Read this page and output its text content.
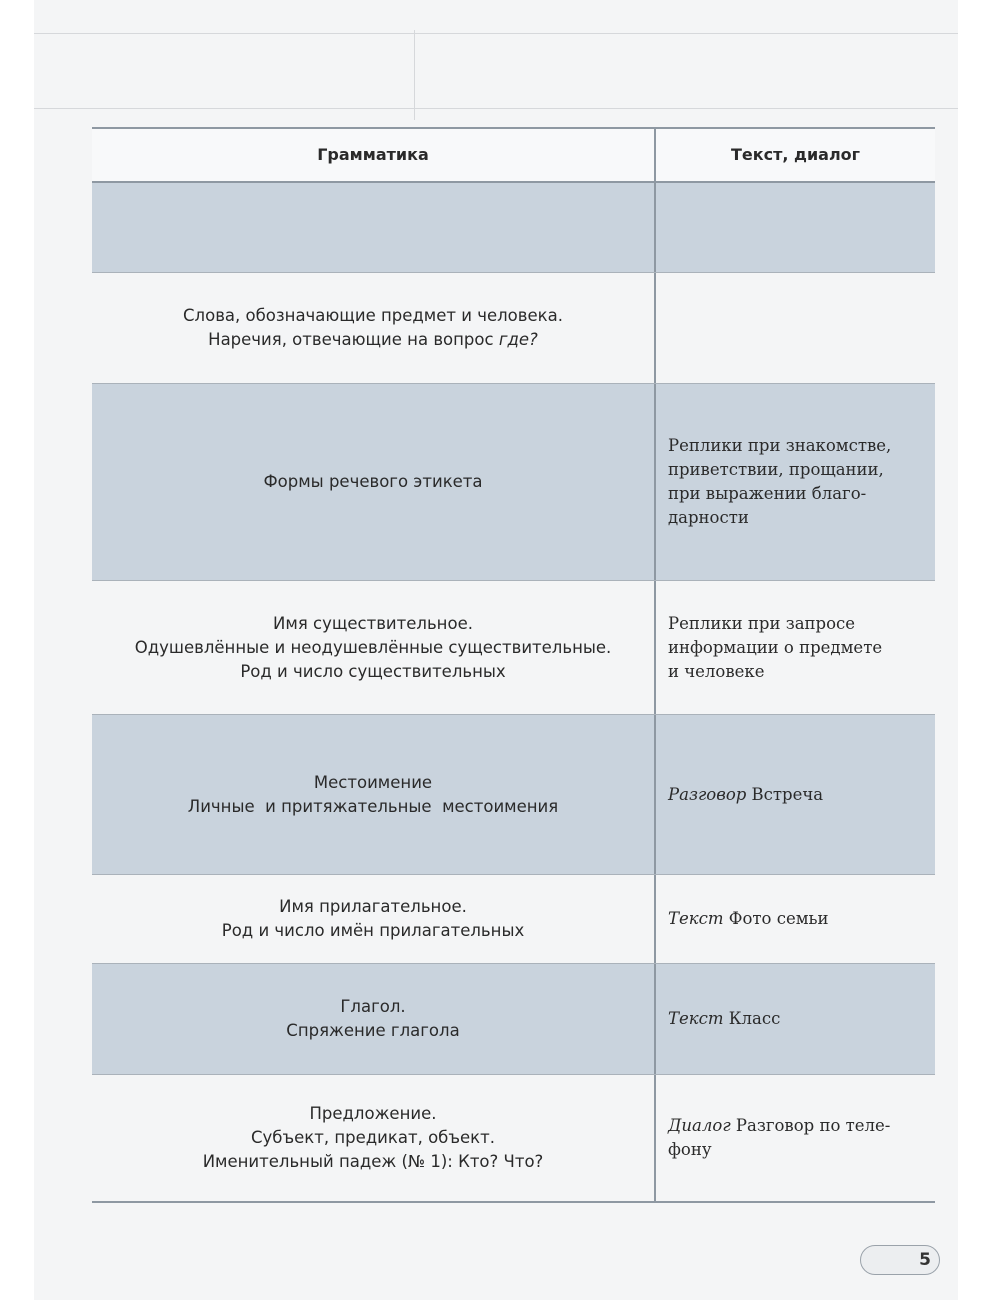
Грамматика	Текст, диалог
Слова, обозначающие предмет и человека.
Наречия, отвечающие на вопрос где?
Формы речевого этикета
Реплики при знакомстве,
приветствии, прощании,
при выражении благо-
дарности
Имя существительное.
Одушевлённые и неодушевлённые существительные.
Род и число существительных
Реплики при запросе
информации о предмете
и человеке
Местоимение
Личные  и притяжательные  местоимения
Разговор Встреча
Имя прилагательное.
Род и число имён прилагательных
Текст Фото семьи
Глагол.
Спряжение глагола
Текст Класс
Предложение.
Субъект, предикат, объект.
Именительный падеж (№ 1): Кто? Что?
Диалог Разговор по теле-
фону
5
